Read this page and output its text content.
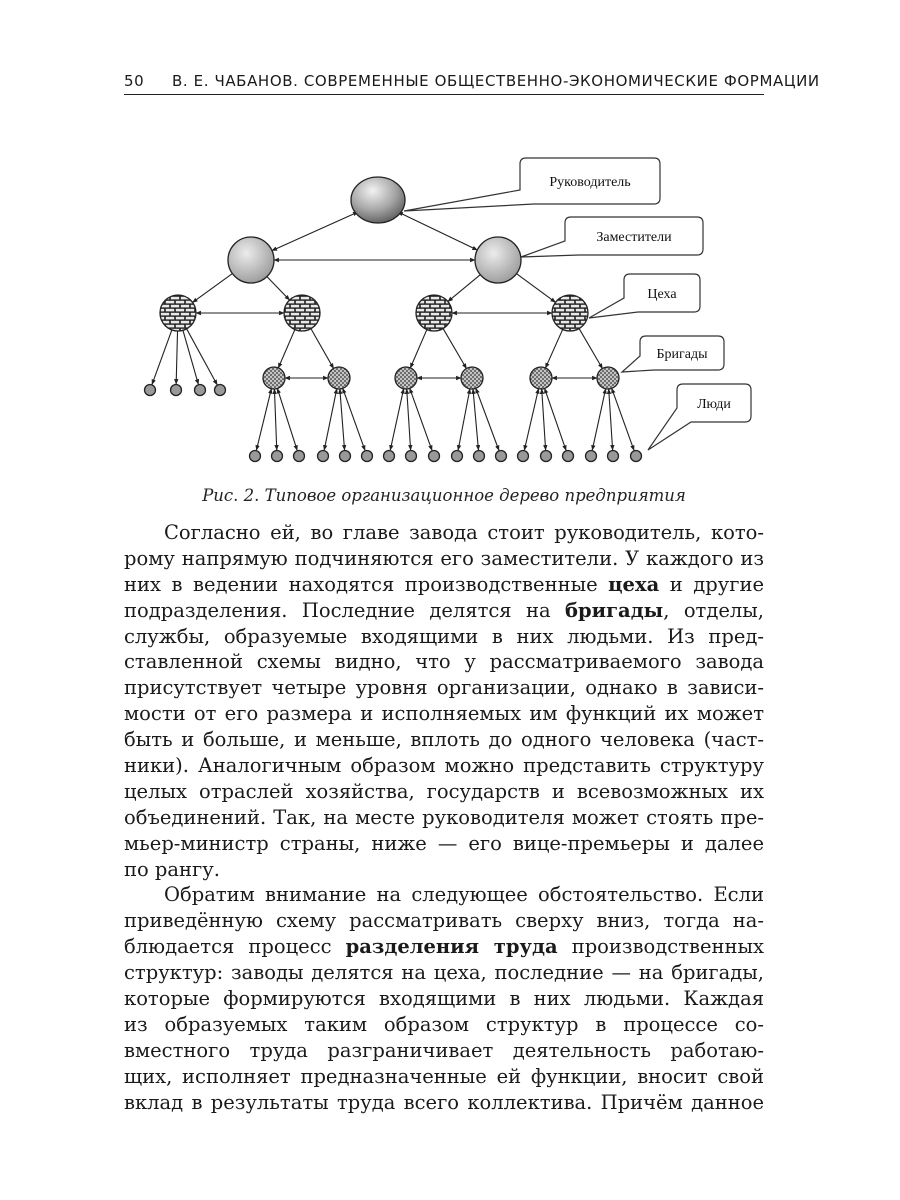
50 В. Е. ЧАБАНОВ. СОВРЕМЕННЫЕ ОБЩЕСТВЕННО-ЭКОНОМИЧЕСКИЕ ФОРМАЦИИ
Руководитель
Заместители
Цеха
Бригады
Люди
Рис. 2. Типовое организационное дерево предприятия
Согласно ей, во главе завода стоит руководитель, кото-
рому напрямую подчиняются его заместители. У каждого из
них в ведении находятся производственные цеха и другие
подразделения. Последние делятся на бригады, отделы,
службы, образуемые входящими в них людьми. Из пред-
ставленной схемы видно, что у рассматриваемого завода
присутствует четыре уровня организации, однако в зависи-
мости от его размера и исполняемых им функций их может
быть и больше, и меньше, вплоть до одного человека (част-
ники). Аналогичным образом можно представить структуру
целых отраслей хозяйства, государств и всевозможных их
объединений. Так, на месте руководителя может стоять пре-
мьер-министр страны, ниже — его вице-премьеры и далее
по рангу.
Обратим внимание на следующее обстоятельство. Если
приведённую схему рассматривать сверху вниз, тогда на-
блюдается процесс разделения труда производственных
структур: заводы делятся на цеха, последние — на бригады,
которые формируются входящими в них людьми. Каждая
из образуемых таким образом структур в процессе со-
вместного труда разграничивает деятельность работаю-
щих, исполняет предназначенные ей функции, вносит свой
вклад в результаты труда всего коллектива. Причём данное
